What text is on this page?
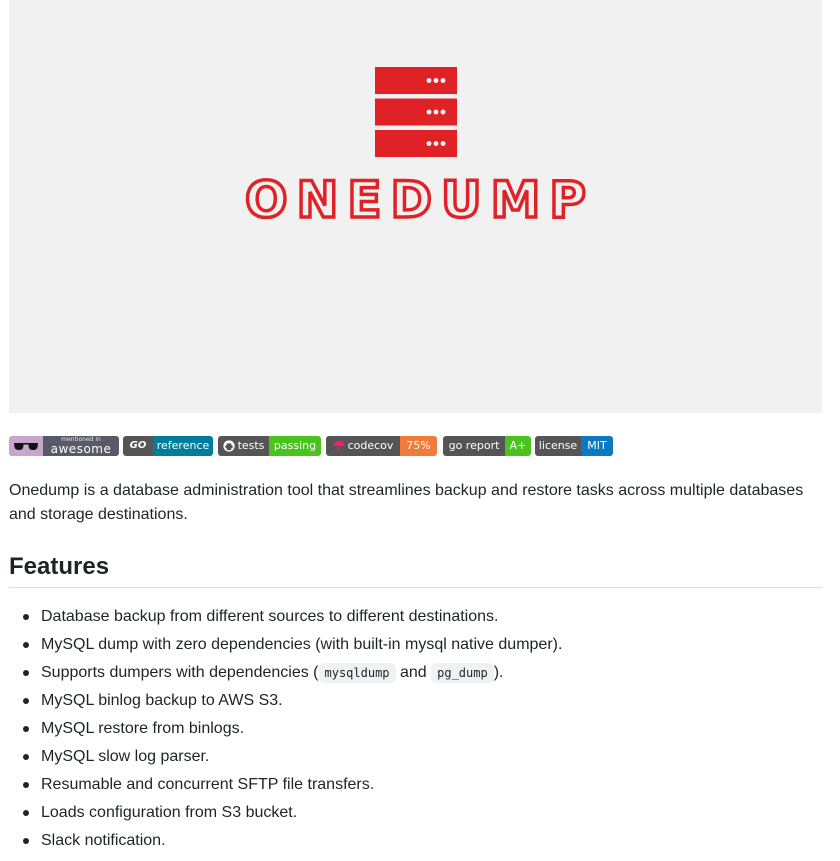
ONEDUMP
mentioned in
awesome	GO reference	tests passing	codecov	75%	go report A+	license MIT

Onedump is a database administration tool that streamlines backup and restore tasks across multiple databases and storage destinations.

Features
Database backup from different sources to different destinations.
MySQL dump with zero dependencies (with built-in mysql native dumper).
Supports dumpers with dependencies ( mysqldump and pg_dump ).
MySQL binlog backup to AWS S3.
MySQL restore from binlogs.
MySQL slow log parser.
Resumable and concurrent SFTP file transfers.
Loads configuration from S3 bucket.
Slack notification.
